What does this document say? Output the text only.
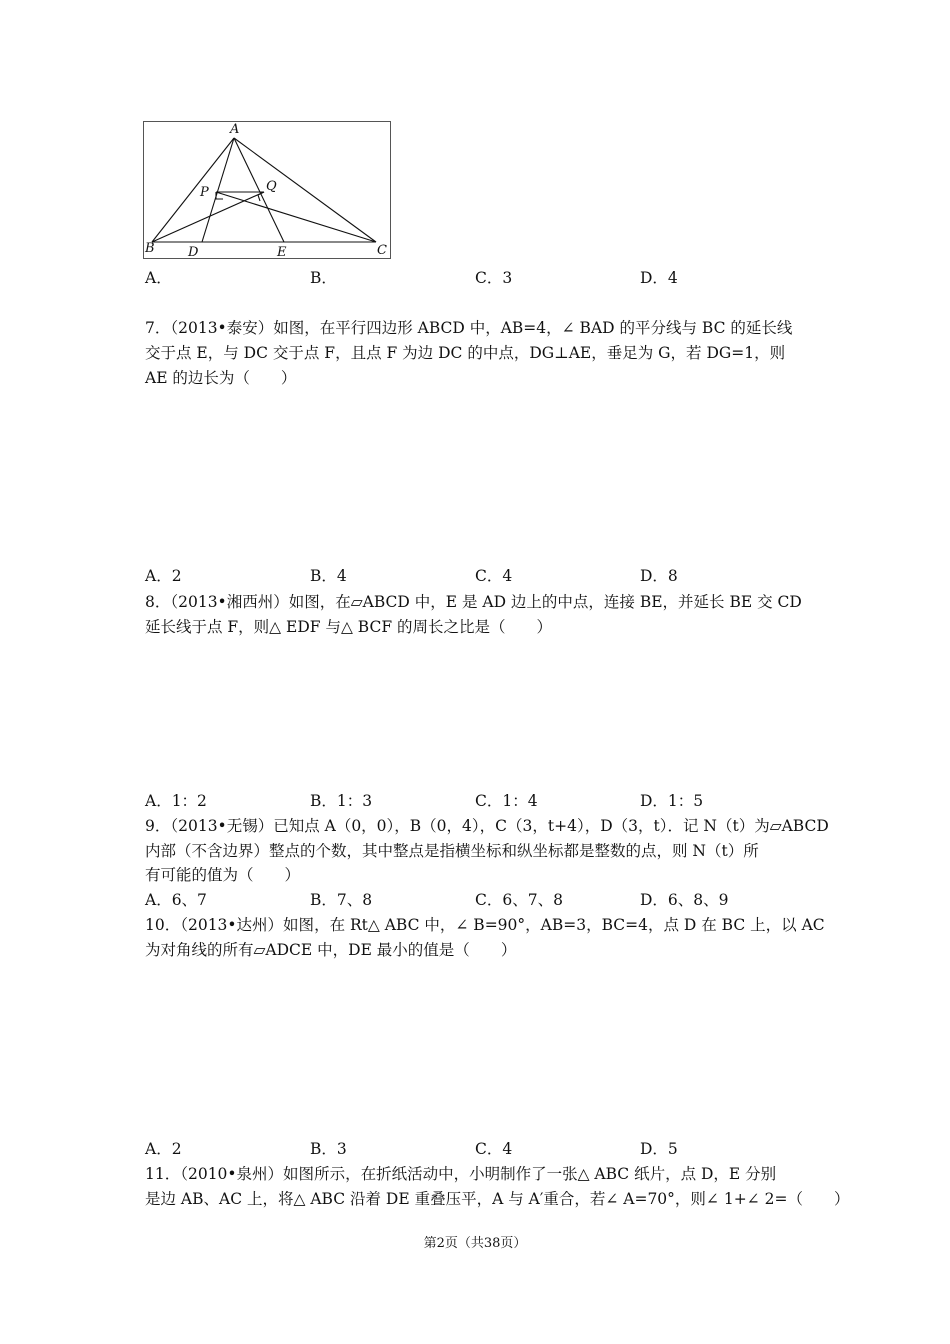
A
P	Q
B	D	E	C
A．	B．	C．3	D．4
7．（2013•泰安）如图，在平行四边形 ABCD 中，AB=4，∠ BAD 的平分线与 BC 的延长线
交于点 E，与 DC 交于点 F，且点 F 为边 DC 的中点，DG⊥AE，垂足为 G，若 DG=1，则
AE 的边长为（　　）
A．2	B．4	C．4	D．8
8．（2013•湘西州）如图，在▱ABCD 中，E 是 AD 边上的中点，连接 BE，并延长 BE 交 CD
延长线于点 F，则△ EDF 与△ BCF 的周长之比是（　　）
A．1：2	B．1：3	C．1：4	D．1：5
9．（2013•无锡）已知点 A（0，0），B（0，4），C（3，t+4），D（3，t）．记 N（t）为▱ABCD
内部（不含边界）整点的个数，其中整点是指横坐标和纵坐标都是整数的点，则 N（t）所
有可能的值为（　　）
A．6、7	B．7、8	C．6、7、8	D．6、8、9
10．（2013•达州）如图，在 Rt△ ABC 中，∠ B=90°，AB=3，BC=4，点 D 在 BC 上，以 AC
为对角线的所有▱ADCE 中，DE 最小的值是（　　）
A．2	B．3	C．4	D．5
11．（2010•泉州）如图所示，在折纸活动中，小明制作了一张△ ABC 纸片，点 D，E 分别
是边 AB、AC 上，将△ ABC 沿着 DE 重叠压平，A 与 A′重合，若∠ A=70°，则∠ 1+∠ 2=（　　）
第2页（共38页）
